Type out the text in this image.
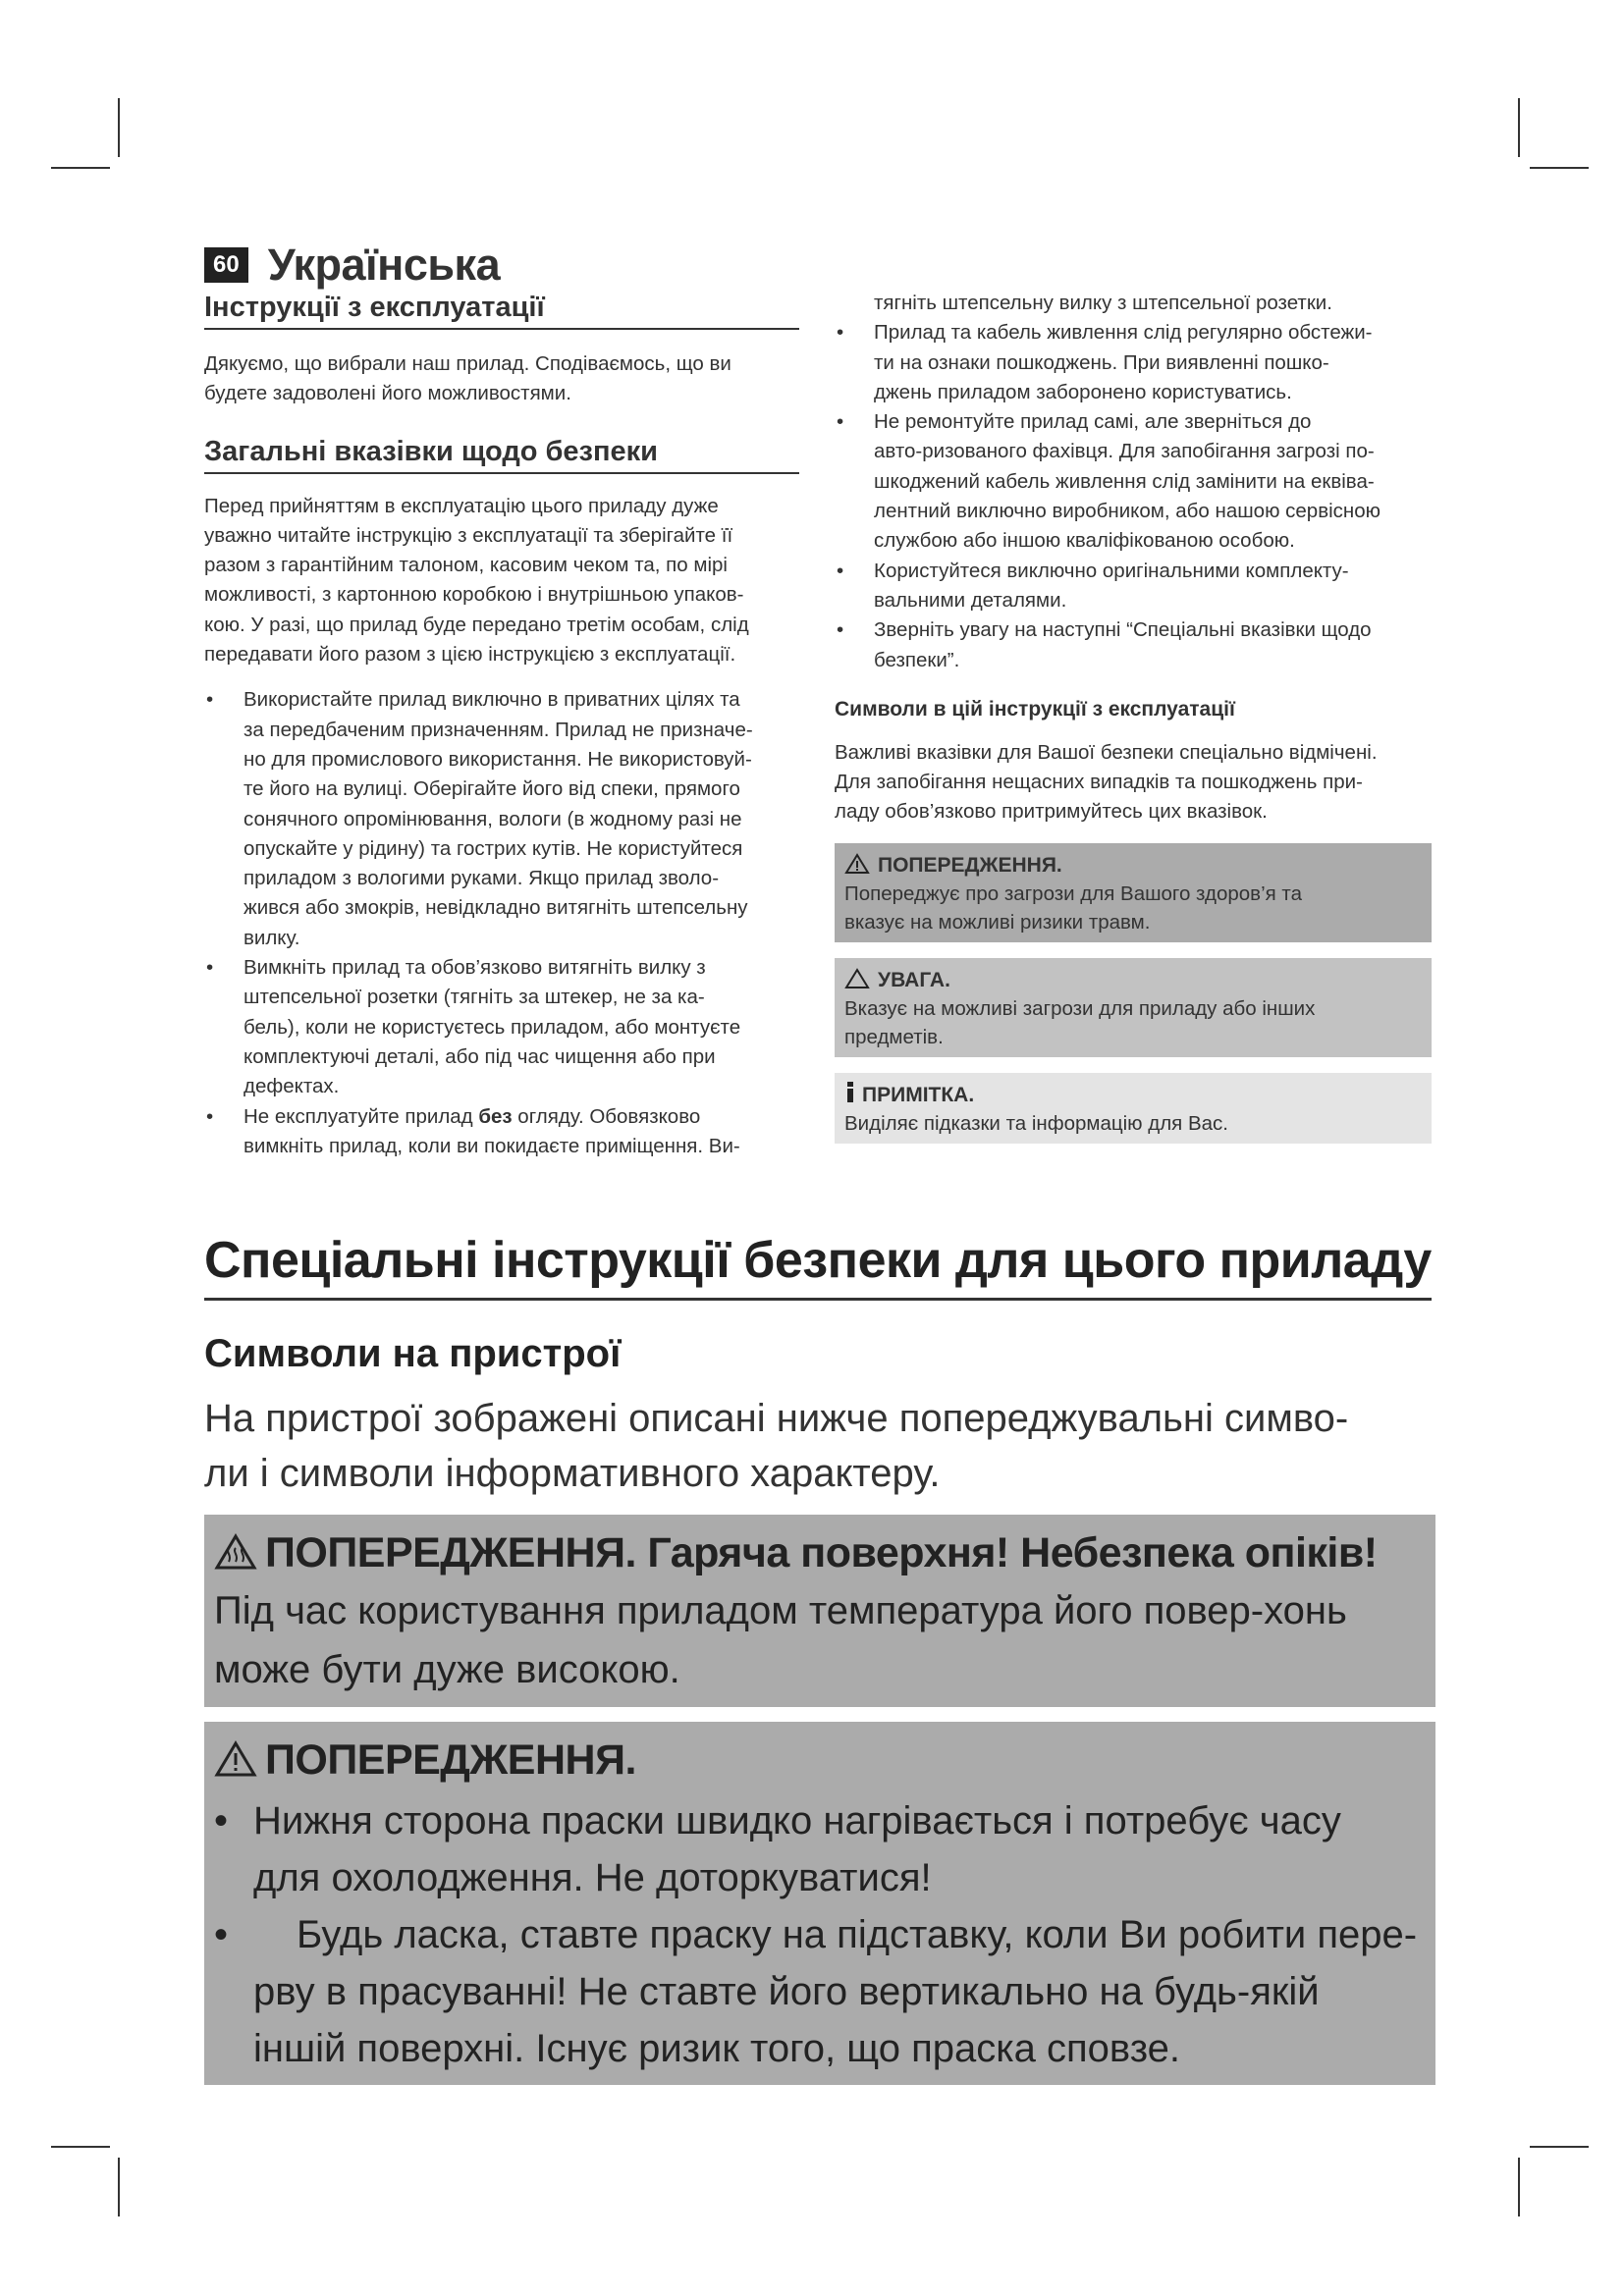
60 Українська
Інструкції з експлуатації

Дякуємо, що вибрали наш прилад. Сподіваємось, що ви
будете задоволені його можливостями.

Загальні вказівки щодо безпеки

Перед прийняттям в експлуатацію цього приладу дуже
уважно читайте інструкцію з експлуатації та зберігайте її
разом з гарантійним талоном, касовим чеком та, по мірі
можливості, з картонною коробкою і внутрішньою упаков-
кою. У разі, що прилад буде передано третім особам, слід
передавати його разом з цією інструкцією з експлуатації.

• Використайте прилад виключно в приватних цілях та
за передбаченим призначенням. Прилад не призначе-
но для промислового використання. Не використовуй-
те його на вулиці. Оберігайте його від спеки, прямого
сонячного опромінювання, вологи (в жодному разі не
опускайте у рідину) та гострих кутів. Не користуйтеся
приладом з вологими руками. Якщо прилад зволо-
жився або змокрів, невідкладно витягніть штепсельну
вилку.
• Вимкніть прилад та обов’язково витягніть вилку з
штепсельної розетки (тягніть за штекер, не за ка-
бель), коли не користуєтесь приладом, або монтуєте
комплектуючі деталі, або під час чищення або при
дефектах.
• Не експлуатуйте прилад без огляду. Обовязково
вимкніть прилад, коли ви покидаєте приміщення. Ви-
тягніть штепсельну вилку з штепсельної розетки.
• Прилад та кабель живлення слід регулярно обстежи-
ти на ознаки пошкоджень. При виявленні пошко-
джень приладом заборонено користуватись.
• Не ремонтуйте прилад самі, але зверніться до
авто-ризованого фахівця. Для запобігання загрозі по-
шкоджений кабель живлення слід замінити на еквіва-
лентний виключно виробником, або нашою сервісною
службою або іншою кваліфікованою особою.
• Користуйтеся виключно оригінальними комплекту-
вальними деталями.
• Зверніть увагу на наступні “Спеціальні вказівки щодо
безпеки”.
Символи в цій інструкції з експлуатації

Важливі вказівки для Вашої безпеки спеціально відмічені.
Для запобігання нещасних випадків та пошкоджень при-
ладу обов’язково притримуйтесь цих вказівок.

ПОПЕРЕДЖЕННЯ.
Попереджує про загрози для Вашого здоров’я та
вказує на можливі ризики травм.
УВАГА.
Вказує на можливі загрози для приладу або інших
предметів.
ПРИМІТКА.
Виділяє підказки та інформацію для Вас.
Спеціальні інструкції безпеки для цього приладу
Символи на пристрої
На пристрої зображені описані нижче попереджувальні симво-
ли і символи інформативного характеру.
ПОПЕРЕДЖЕННЯ. Гаряча поверхня! Небезпека опіків!
Під час користування приладом температура його повер-хонь
може бути дуже високою.
ПОПЕРЕДЖЕННЯ.
• Нижня сторона праски швидко нагрівається і потребує часу
для охолодження. Не доторкуватися!
• Будь ласка, ставте праску на підставку, коли Ви робити пере-
рву в прасуванні! Не ставте його вертикально на будь-якій
іншій поверхні. Існує ризик того, що праска сповзе.
